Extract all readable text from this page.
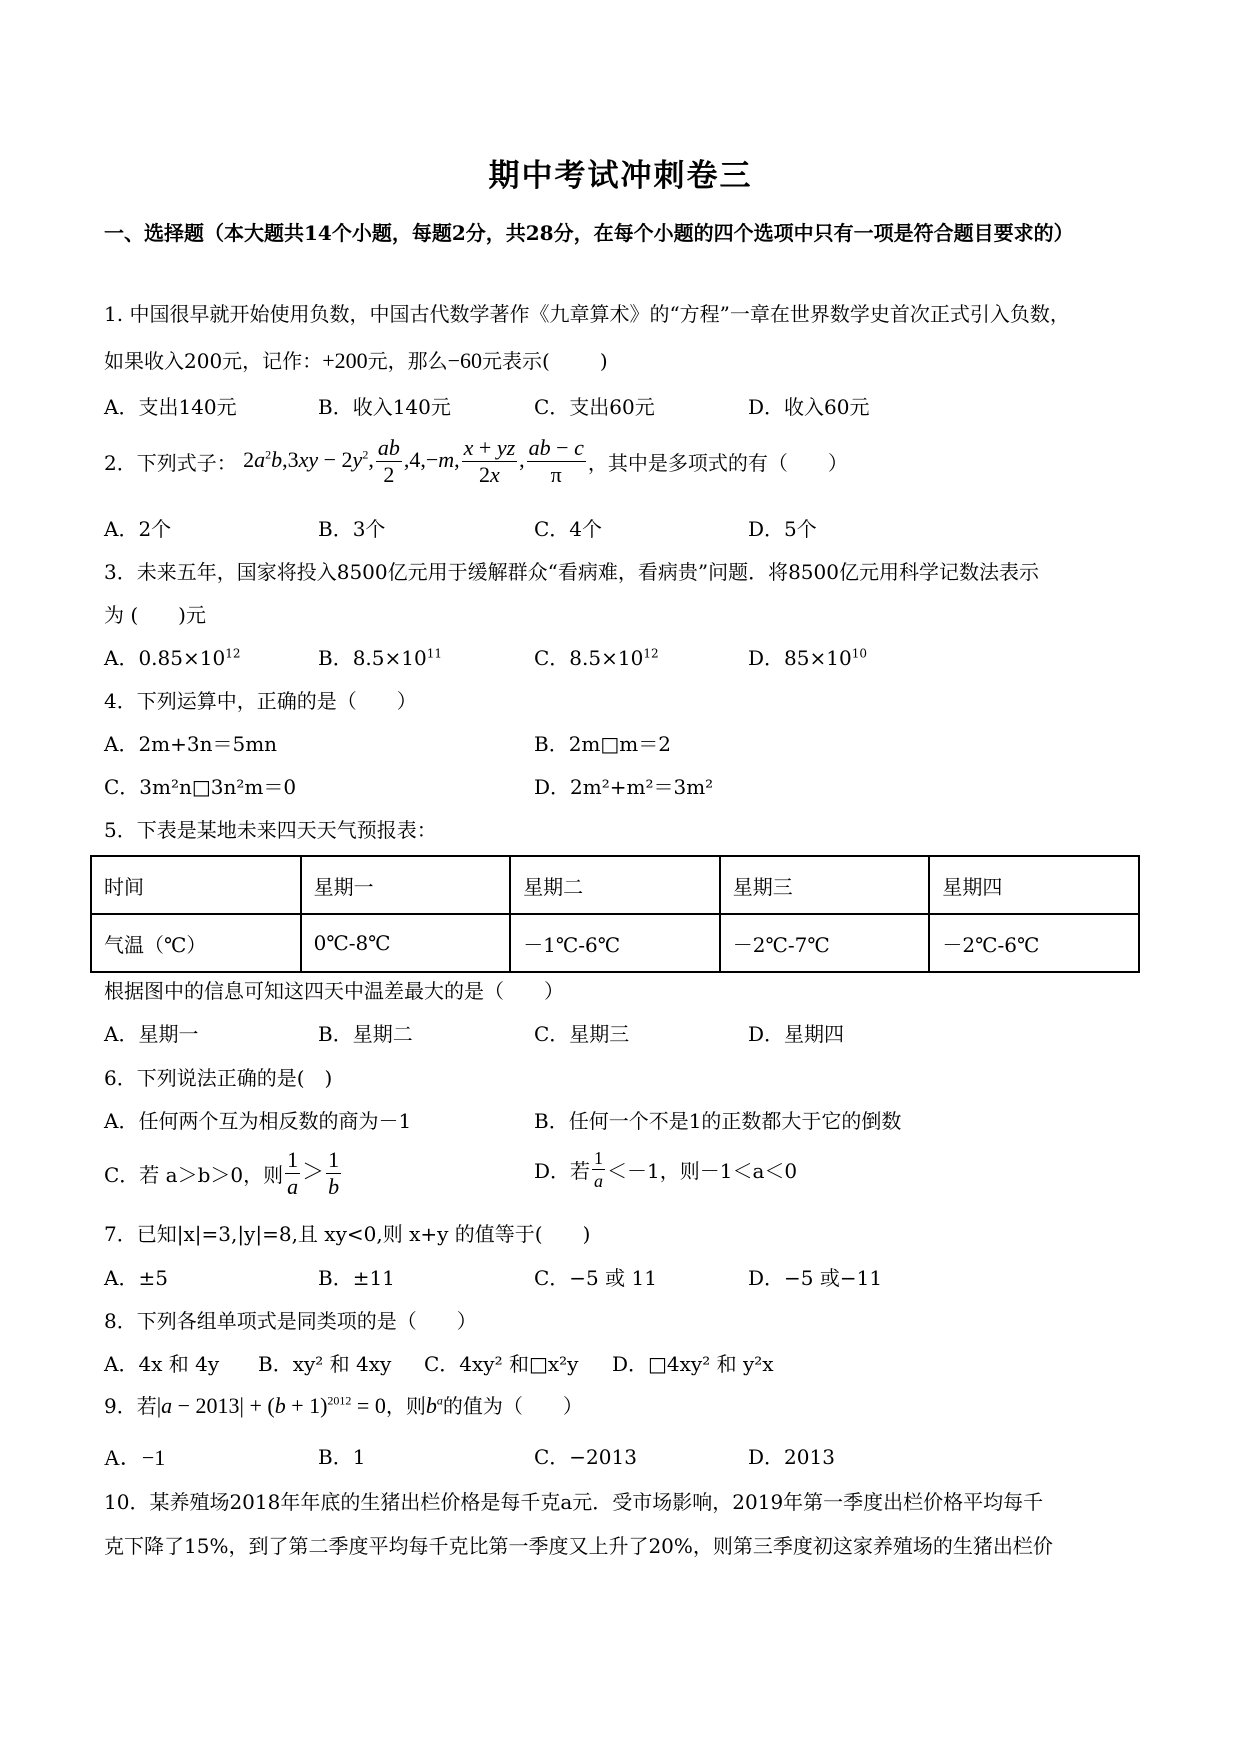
期中考试冲刺卷三
一、选择题（本大题共14个小题，每题2分，共28分，在每个小题的四个选项中只有一项是符合题目要求的）
1. 中国很早就开始使用负数，中国古代数学著作《九章算术》的“方程”一章在世界数学史首次正式引入负数，
如果收入200元，记作：+200元，那么−60元表示(	)
A．支出140元	B．收入140元	C．支出60元	D．收入60元
2．下列式子： $2a^2b,3xy - 2y^2$, $\frac{ab}{2} ,4,-m$, $\frac{x + yz}{2x}$ , $\frac{ab - c}{\pi}$ ，其中是多项式的有（　　）
A．2个	B．3个	C．4个	D．5个
3．未来五年，国家将投入8500亿元用于缓解群众“看病难，看病贵”问题．将8500亿元用科学记数法表示
为 (　　)元
A．$0.85\times 10^{12}$	B．$8.5\times 10^{11}$	C．$8.5\times 10^{12}$	D．$85\times 10^{10}$
4．下列运算中，正确的是（　　）
A．2m+3n＝5mn	B．2m□m＝2
C．3m²n□3n²m＝0	D．2m²+m²＝3m²
5．下表是某地未来四天天气预报表：
时间	星期一	星期二	星期三	星期四
气温（℃）	0℃-8℃	－1℃-6℃	－2℃-7℃	－2℃-6℃
根据图中的信息可知这四天中温差最大的是（　　）
A．星期一	B．星期二	C．星期三	D．星期四
6．下列说法正确的是(　)
A．任何两个互为相反数的商为－1	B．任何一个不是1的正数都大于它的倒数
C．若 a＞b＞0，则 $\frac{1}{a} > \frac{1}{b}$	D．若 $\frac{1}{a} <-1$，则－1＜a＜0
7．已知|x|=3,|y|=8,且 xy<0,则 x+y 的值等于(　　)
A．±5	B．±11	C．−5 或 11	D．−5 或−11
8．下列各组单项式是同类项的是（　　）
A．4x 和 4y B．xy² 和 4xy C．4xy² 和□x²y D．□4xy² 和 y²x
9．若$|a - 2013| + (b + 1)^{2012} = 0$，则$b^a$的值为（　　）
A．−1	B．1	C．−2013	D．2013
10．某养殖场2018年年底的生猪出栏价格是每千克a元．受市场影响，2019年第一季度出栏价格平均每千
克下降了15%，到了第二季度平均每千克比第一季度又上升了20%，则第三季度初这家养殖场的生猪出栏价
